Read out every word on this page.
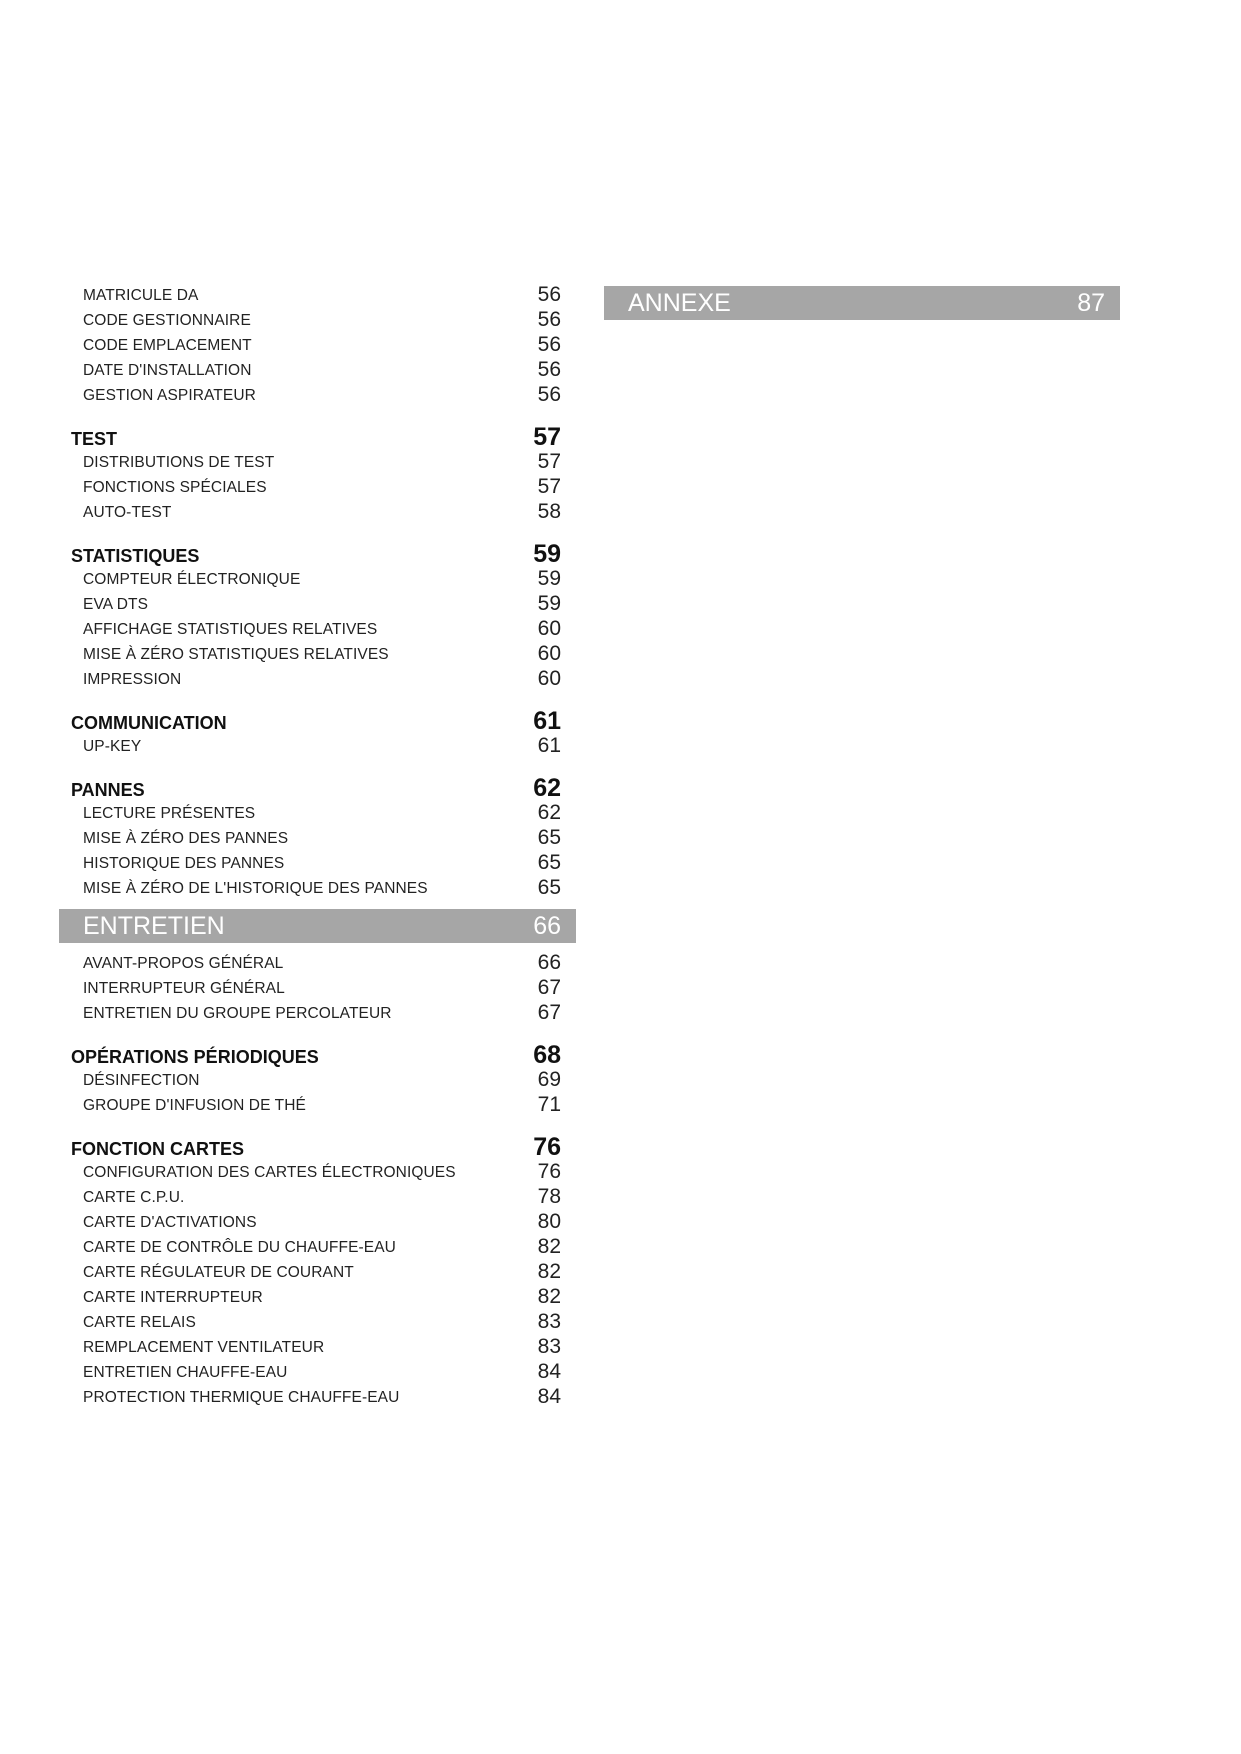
MATRICULE DA	56
CODE GESTIONNAIRE	56
CODE EMPLACEMENT	56
DATE D'INSTALLATION	56
GESTION ASPIRATEUR	56
TEST	57
DISTRIBUTIONS DE TEST	57
FONCTIONS SPÉCIALES	57
AUTO-TEST	58
STATISTIQUES	59
COMPTEUR ÉLECTRONIQUE	59
EVA DTS	59
AFFICHAGE STATISTIQUES RELATIVES	60
MISE À ZÉRO STATISTIQUES RELATIVES	60
IMPRESSION	60
COMMUNICATION	61
UP-KEY	61
PANNES	62
LECTURE PRÉSENTES	62
MISE À ZÉRO DES PANNES	65
HISTORIQUE DES PANNES	65
MISE À ZÉRO DE L'HISTORIQUE DES PANNES	65
ENTRETIEN	66
AVANT-PROPOS GÉNÉRAL	66
INTERRUPTEUR GÉNÉRAL	67
ENTRETIEN DU GROUPE PERCOLATEUR	67
OPÉRATIONS PÉRIODIQUES	68
DÉSINFECTION	69
GROUPE D'INFUSION DE THÉ	71
FONCTION CARTES	76
CONFIGURATION DES CARTES ÉLECTRONIQUES	76
CARTE C.P.U.	78
CARTE D'ACTIVATIONS	80
CARTE DE CONTRÔLE DU CHAUFFE-EAU	82
CARTE RÉGULATEUR DE COURANT	82
CARTE INTERRUPTEUR	82
CARTE RELAIS	83
REMPLACEMENT VENTILATEUR	83
ENTRETIEN CHAUFFE-EAU	84
PROTECTION THERMIQUE CHAUFFE-EAU	84
ANNEXE	87
